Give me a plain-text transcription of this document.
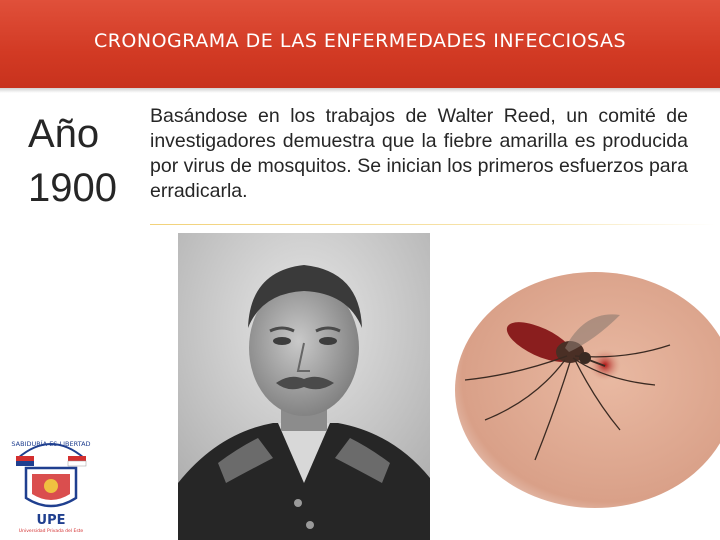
CRONOGRAMA DE LAS ENFERMEDADES INFECCIOSAS
Año
1900
Basándose en los trabajos de Walter Reed, un comité de investigadores demuestra que la fiebre amarilla es producida por virus de mosquitos. Se inician los primeros esfuerzos para erradicarla.
SABIDURÍA ES LIBERTAD
UPE
Universidad Privada del Este
